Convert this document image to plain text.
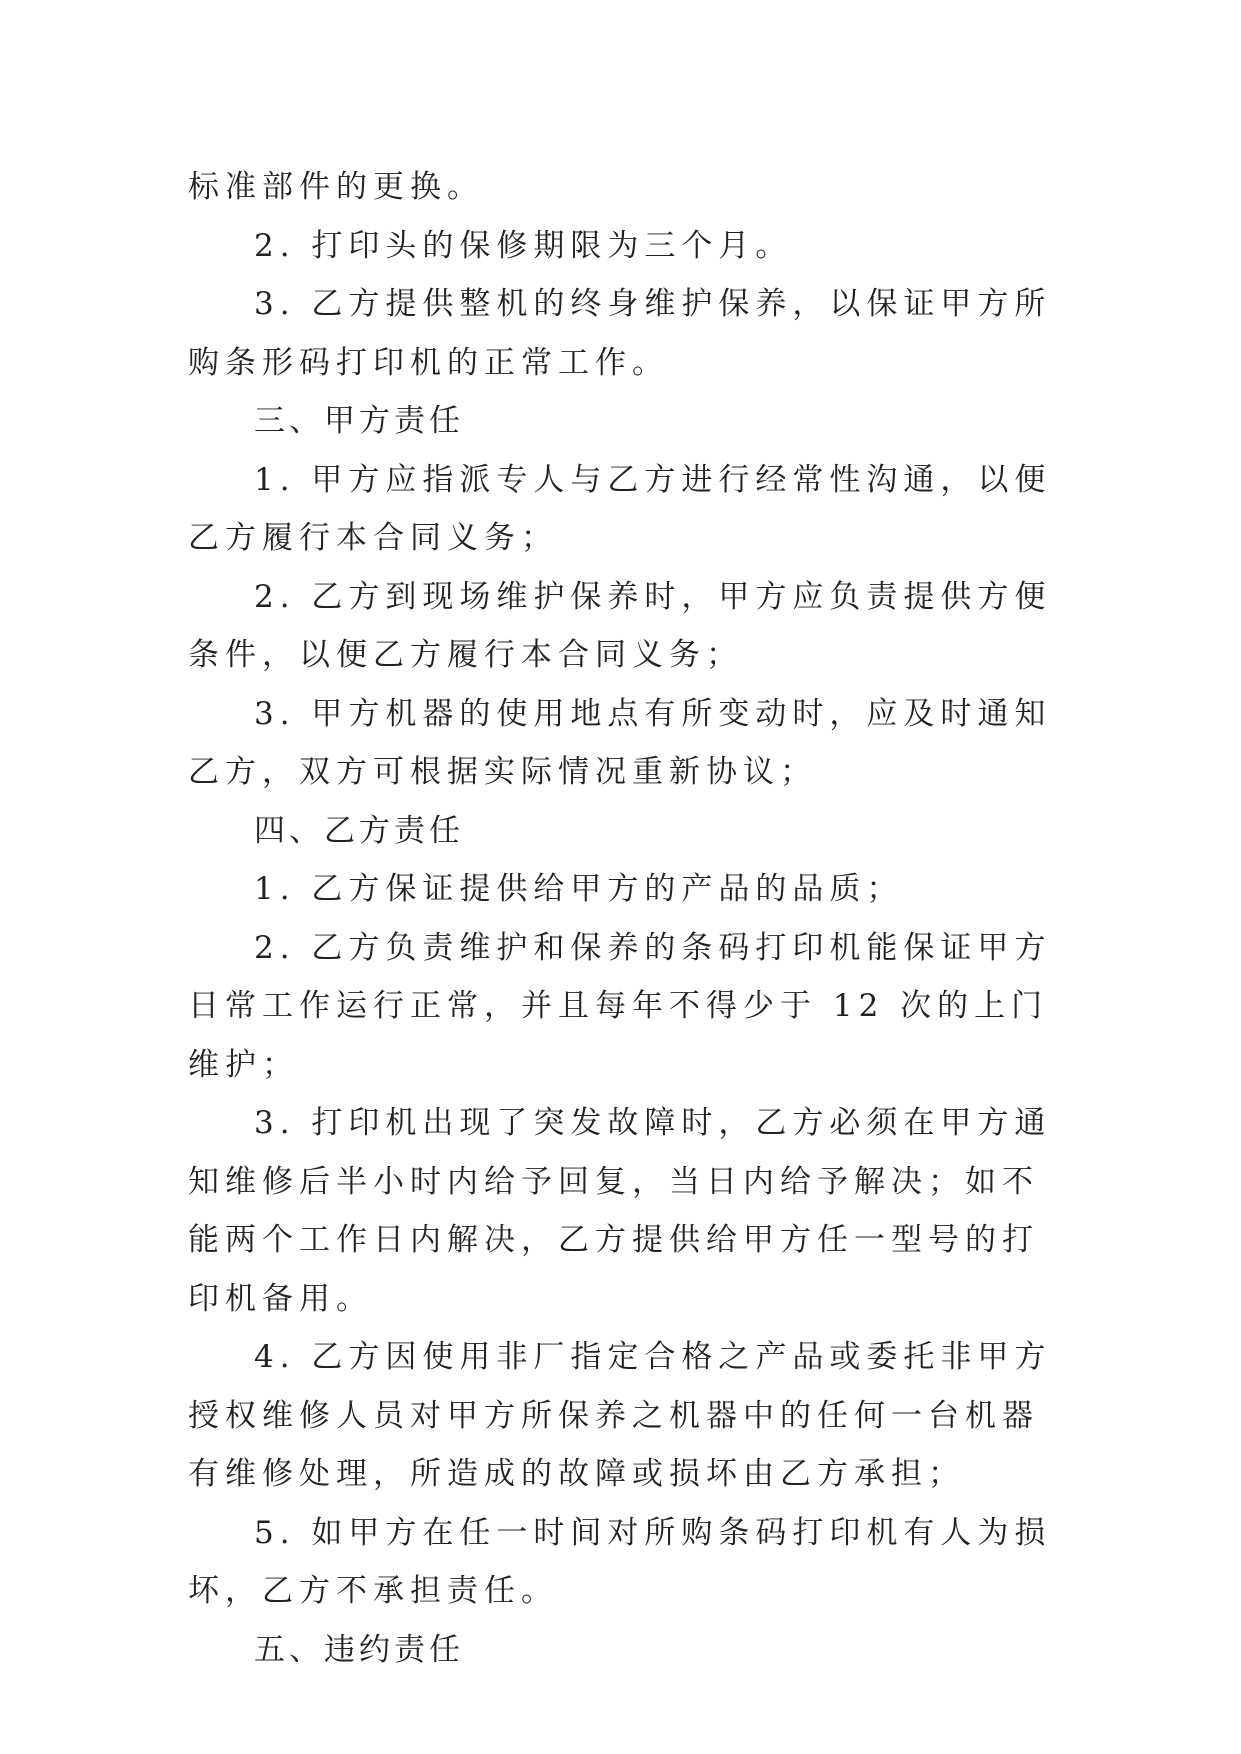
标准部件的更换。

2. 打印头的保修期限为三个月。

3. 乙方提供整机的终身维护保养，以保证甲方所购条形码打印机的正常工作。

三、甲方责任

1. 甲方应指派专人与乙方进行经常性沟通，以便乙方履行本合同义务；

2. 乙方到现场维护保养时，甲方应负责提供方便条件，以便乙方履行本合同义务；

3. 甲方机器的使用地点有所变动时，应及时通知乙方，双方可根据实际情况重新协议；

四、乙方责任

1. 乙方保证提供给甲方的产品的品质；

2. 乙方负责维护和保养的条码打印机能保证甲方日常工作运行正常，并且每年不得少于 12 次的上门维护；

3. 打印机出现了突发故障时，乙方必须在甲方通知维修后半小时内给予回复，当日内给予解决；如不能两个工作日内解决，乙方提供给甲方任一型号的打印机备用。

4. 乙方因使用非厂指定合格之产品或委托非甲方授权维修人员对甲方所保养之机器中的任何一台机器有维修处理，所造成的故障或损坏由乙方承担；

5. 如甲方在任一时间对所购条码打印机有人为损坏，乙方不承担责任。

五、违约责任
